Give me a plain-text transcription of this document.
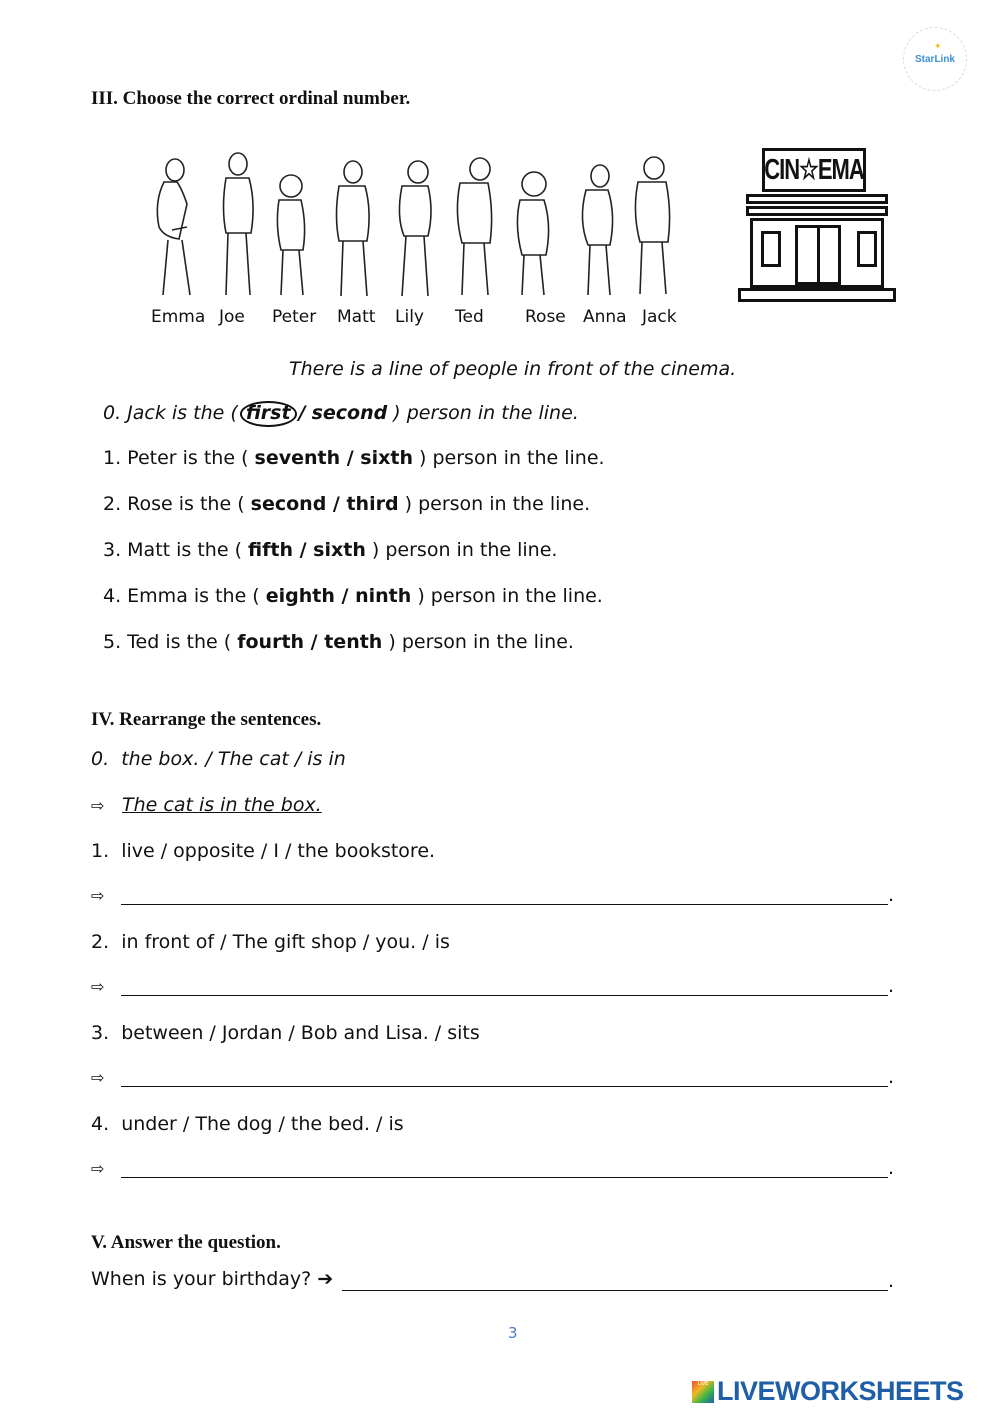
StarLink
✦
III. Choose the correct ordinal number.
Emma Joe Peter Matt Lily Ted Rose Anna Jack
CIN☆EMA
There is a line of people in front of the cinema.
0. Jack is the ( first / second ) person in the line.
1. Peter is the ( seventh / sixth ) person in the line.
2. Rose is the ( second / third ) person in the line.
3. Matt is the ( fifth / sixth ) person in the line.
4. Emma is the ( eighth / ninth ) person in the line.
5. Ted is the ( fourth / tenth ) person in the line.
IV. Rearrange the sentences.
0.  the box. / The cat / is in
⇨ The cat is in the box.
1.  live / opposite / I / the bookstore.
⇨	.
2.  in front of / The gift shop / you. / is
⇨	.
3.  between / Jordan / Bob and Lisa. / sits
⇨	.
4.  under / The dog / the bed. / is
⇨	.
V. Answer the question.
When is your birthday? ➔	.
3
LIVE LIVEWORKSHEETS
